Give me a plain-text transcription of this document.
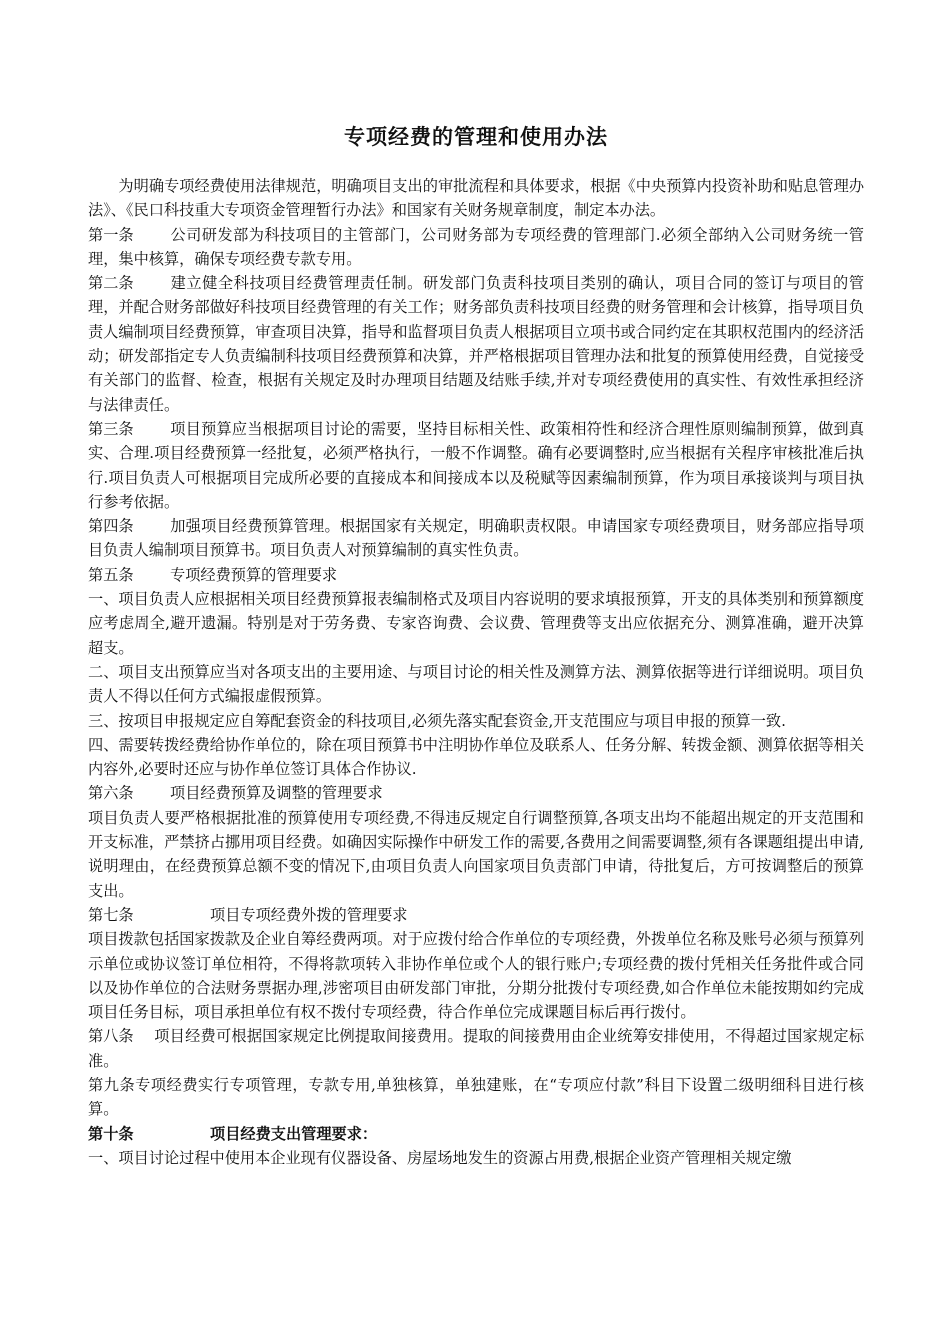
专项经费的管理和使用办法

为明确专项经费使用法律规范，明确项目支出的审批流程和具体要求，根据《中央预算内投资补助和贴息管理办法》、《民口科技重大专项资金管理暂行办法》和国家有关财务规章制度，制定本办法。

第一条 公司研发部为科技项目的主管部门，公司财务部为专项经费的管理部门.必须全部纳入公司财务统一管理，集中核算，确保专项经费专款专用。

第二条 建立健全科技项目经费管理责任制。研发部门负责科技项目类别的确认，项目合同的签订与项目的管理，并配合财务部做好科技项目经费管理的有关工作；财务部负责科技项目经费的财务管理和会计核算，指导项目负责人编制项目经费预算，审查项目决算，指导和监督项目负责人根据项目立项书或合同约定在其职权范围内的经济活动；研发部指定专人负责编制科技项目经费预算和决算，并严格根据项目管理办法和批复的预算使用经费，自觉接受有关部门的监督、检查，根据有关规定及时办理项目结题及结账手续,并对专项经费使用的真实性、有效性承担经济与法律责任。

第三条 项目预算应当根据项目讨论的需要，坚持目标相关性、政策相符性和经济合理性原则编制预算，做到真实、合理.项目经费预算一经批复，必须严格执行，一般不作调整。确有必要调整时,应当根据有关程序审核批准后执行.项目负责人可根据项目完成所必要的直接成本和间接成本以及税赋等因素编制预算，作为项目承接谈判与项目执行参考依据。

第四条 加强项目经费预算管理。根据国家有关规定，明确职责权限。申请国家专项经费项目，财务部应指导项目负责人编制项目预算书。项目负责人对预算编制的真实性负责。

第五条 专项经费预算的管理要求

一、项目负责人应根据相关项目经费预算报表编制格式及项目内容说明的要求填报预算，开支的具体类别和预算额度应考虑周全,避开遗漏。特别是对于劳务费、专家咨询费、会议费、管理费等支出应依据充分、测算准确，避开决算超支。

二、项目支出预算应当对各项支出的主要用途、与项目讨论的相关性及测算方法、测算依据等进行详细说明。项目负责人不得以任何方式编报虚假预算。

三、按项目申报规定应自筹配套资金的科技项目,必须先落实配套资金,开支范围应与项目申报的预算一致.

四、需要转拨经费给协作单位的，除在项目预算书中注明协作单位及联系人、任务分解、转拨金额、测算依据等相关内容外,必要时还应与协作单位签订具体合作协议.

第六条 项目经费预算及调整的管理要求

项目负责人要严格根据批准的预算使用专项经费,不得违反规定自行调整预算,各项支出均不能超出规定的开支范围和开支标准，严禁挤占挪用项目经费。如确因实际操作中研发工作的需要,各费用之间需要调整,须有各课题组提出申请,说明理由，在经费预算总额不变的情况下,由项目负责人向国家项目负责部门申请，待批复后，方可按调整后的预算支出。

第七条	项目专项经费外拨的管理要求

项目拨款包括国家拨款及企业自筹经费两项。对于应拨付给合作单位的专项经费，外拨单位名称及账号必须与预算列示单位或协议签订单位相符，不得将款项转入非协作单位或个人的银行账户;专项经费的拨付凭相关任务批件或合同以及协作单位的合法财务票据办理,涉密项目由研发部门审批，分期分批拨付专项经费,如合作单位未能按期如约完成项目任务目标，项目承担单位有权不拨付专项经费，待合作单位完成课题目标后再行拨付。

第八条 项目经费可根据国家规定比例提取间接费用。提取的间接费用由企业统筹安排使用，不得超过国家规定标准。

第九条专项经费实行专项管理，专款专用,单独核算，单独建账，在“专项应付款”科目下设置二级明细科目进行核算。

第十条	项目经费支出管理要求：

一、项目讨论过程中使用本企业现有仪器设备、房屋场地发生的资源占用费,根据企业资产管理相关规定缴
